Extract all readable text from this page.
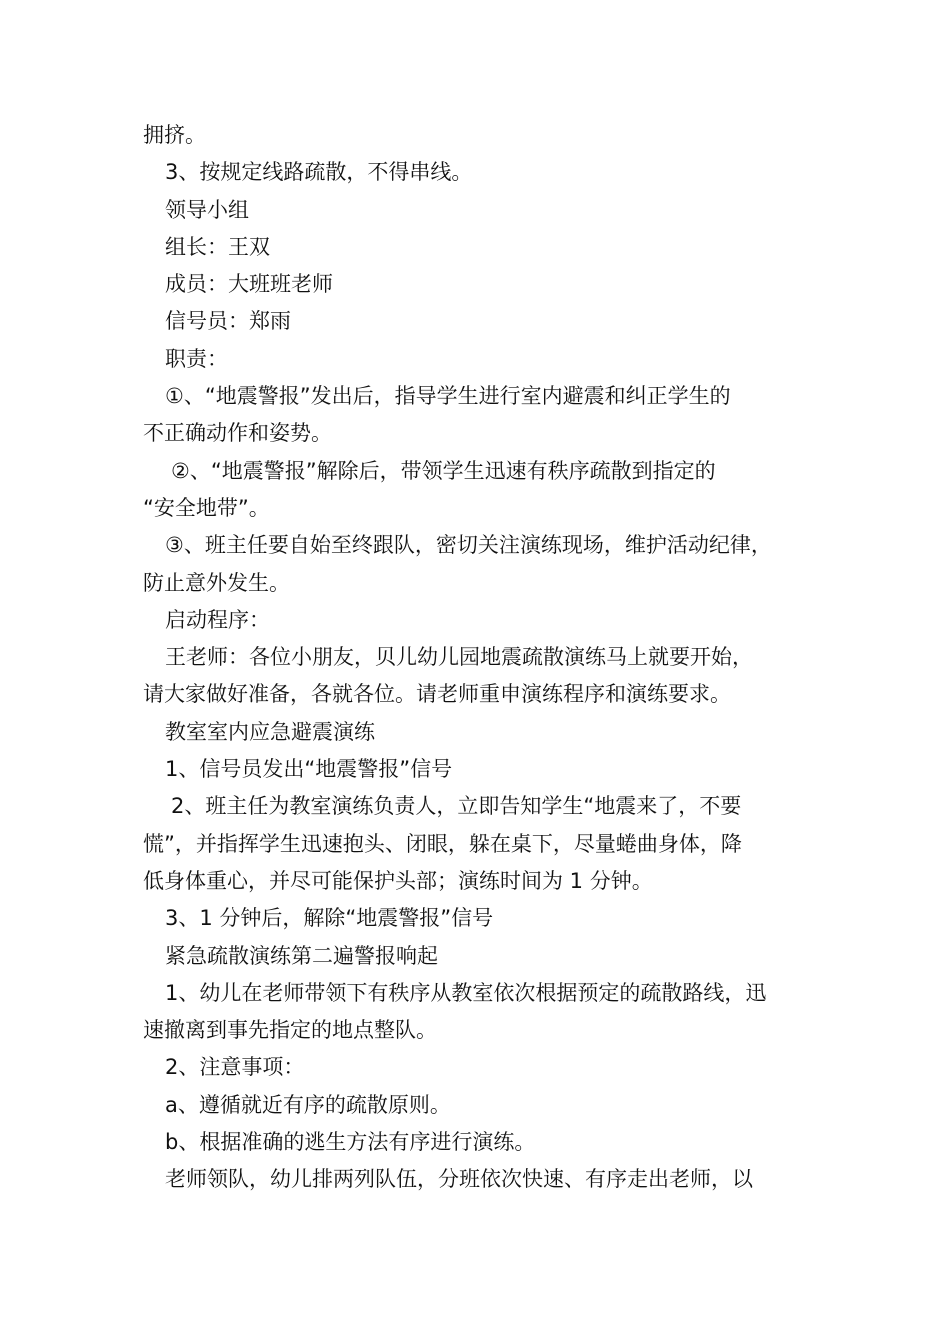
拥挤。
3、按规定线路疏散，不得串线。
领导小组
组长：王双
成员：大班班老师
信号员：郑雨
职责：
①、“地震警报”发出后，指导学生进行室内避震和纠正学生的
不正确动作和姿势。
②、“地震警报”解除后，带领学生迅速有秩序疏散到指定的
“安全地带”。
③、班主任要自始至终跟队，密切关注演练现场，维护活动纪律，
防止意外发生。
启动程序：
王老师：各位小朋友，贝儿幼儿园地震疏散演练马上就要开始，
请大家做好准备，各就各位。请老师重申演练程序和演练要求。
教室室内应急避震演练
1、信号员发出“地震警报”信号
2、班主任为教室演练负责人，立即告知学生“地震来了，不要
慌”，并指挥学生迅速抱头、闭眼，躲在桌下，尽量蜷曲身体，降
低身体重心，并尽可能保护头部；演练时间为 1 分钟。
3、1 分钟后，解除“地震警报”信号
紧急疏散演练第二遍警报响起
1、幼儿在老师带领下有秩序从教室依次根据预定的疏散路线，迅
速撤离到事先指定的地点整队。
2、注意事项：
a、遵循就近有序的疏散原则。
b、根据准确的逃生方法有序进行演练。
老师领队，幼儿排两列队伍，分班依次快速、有序走出老师，以
